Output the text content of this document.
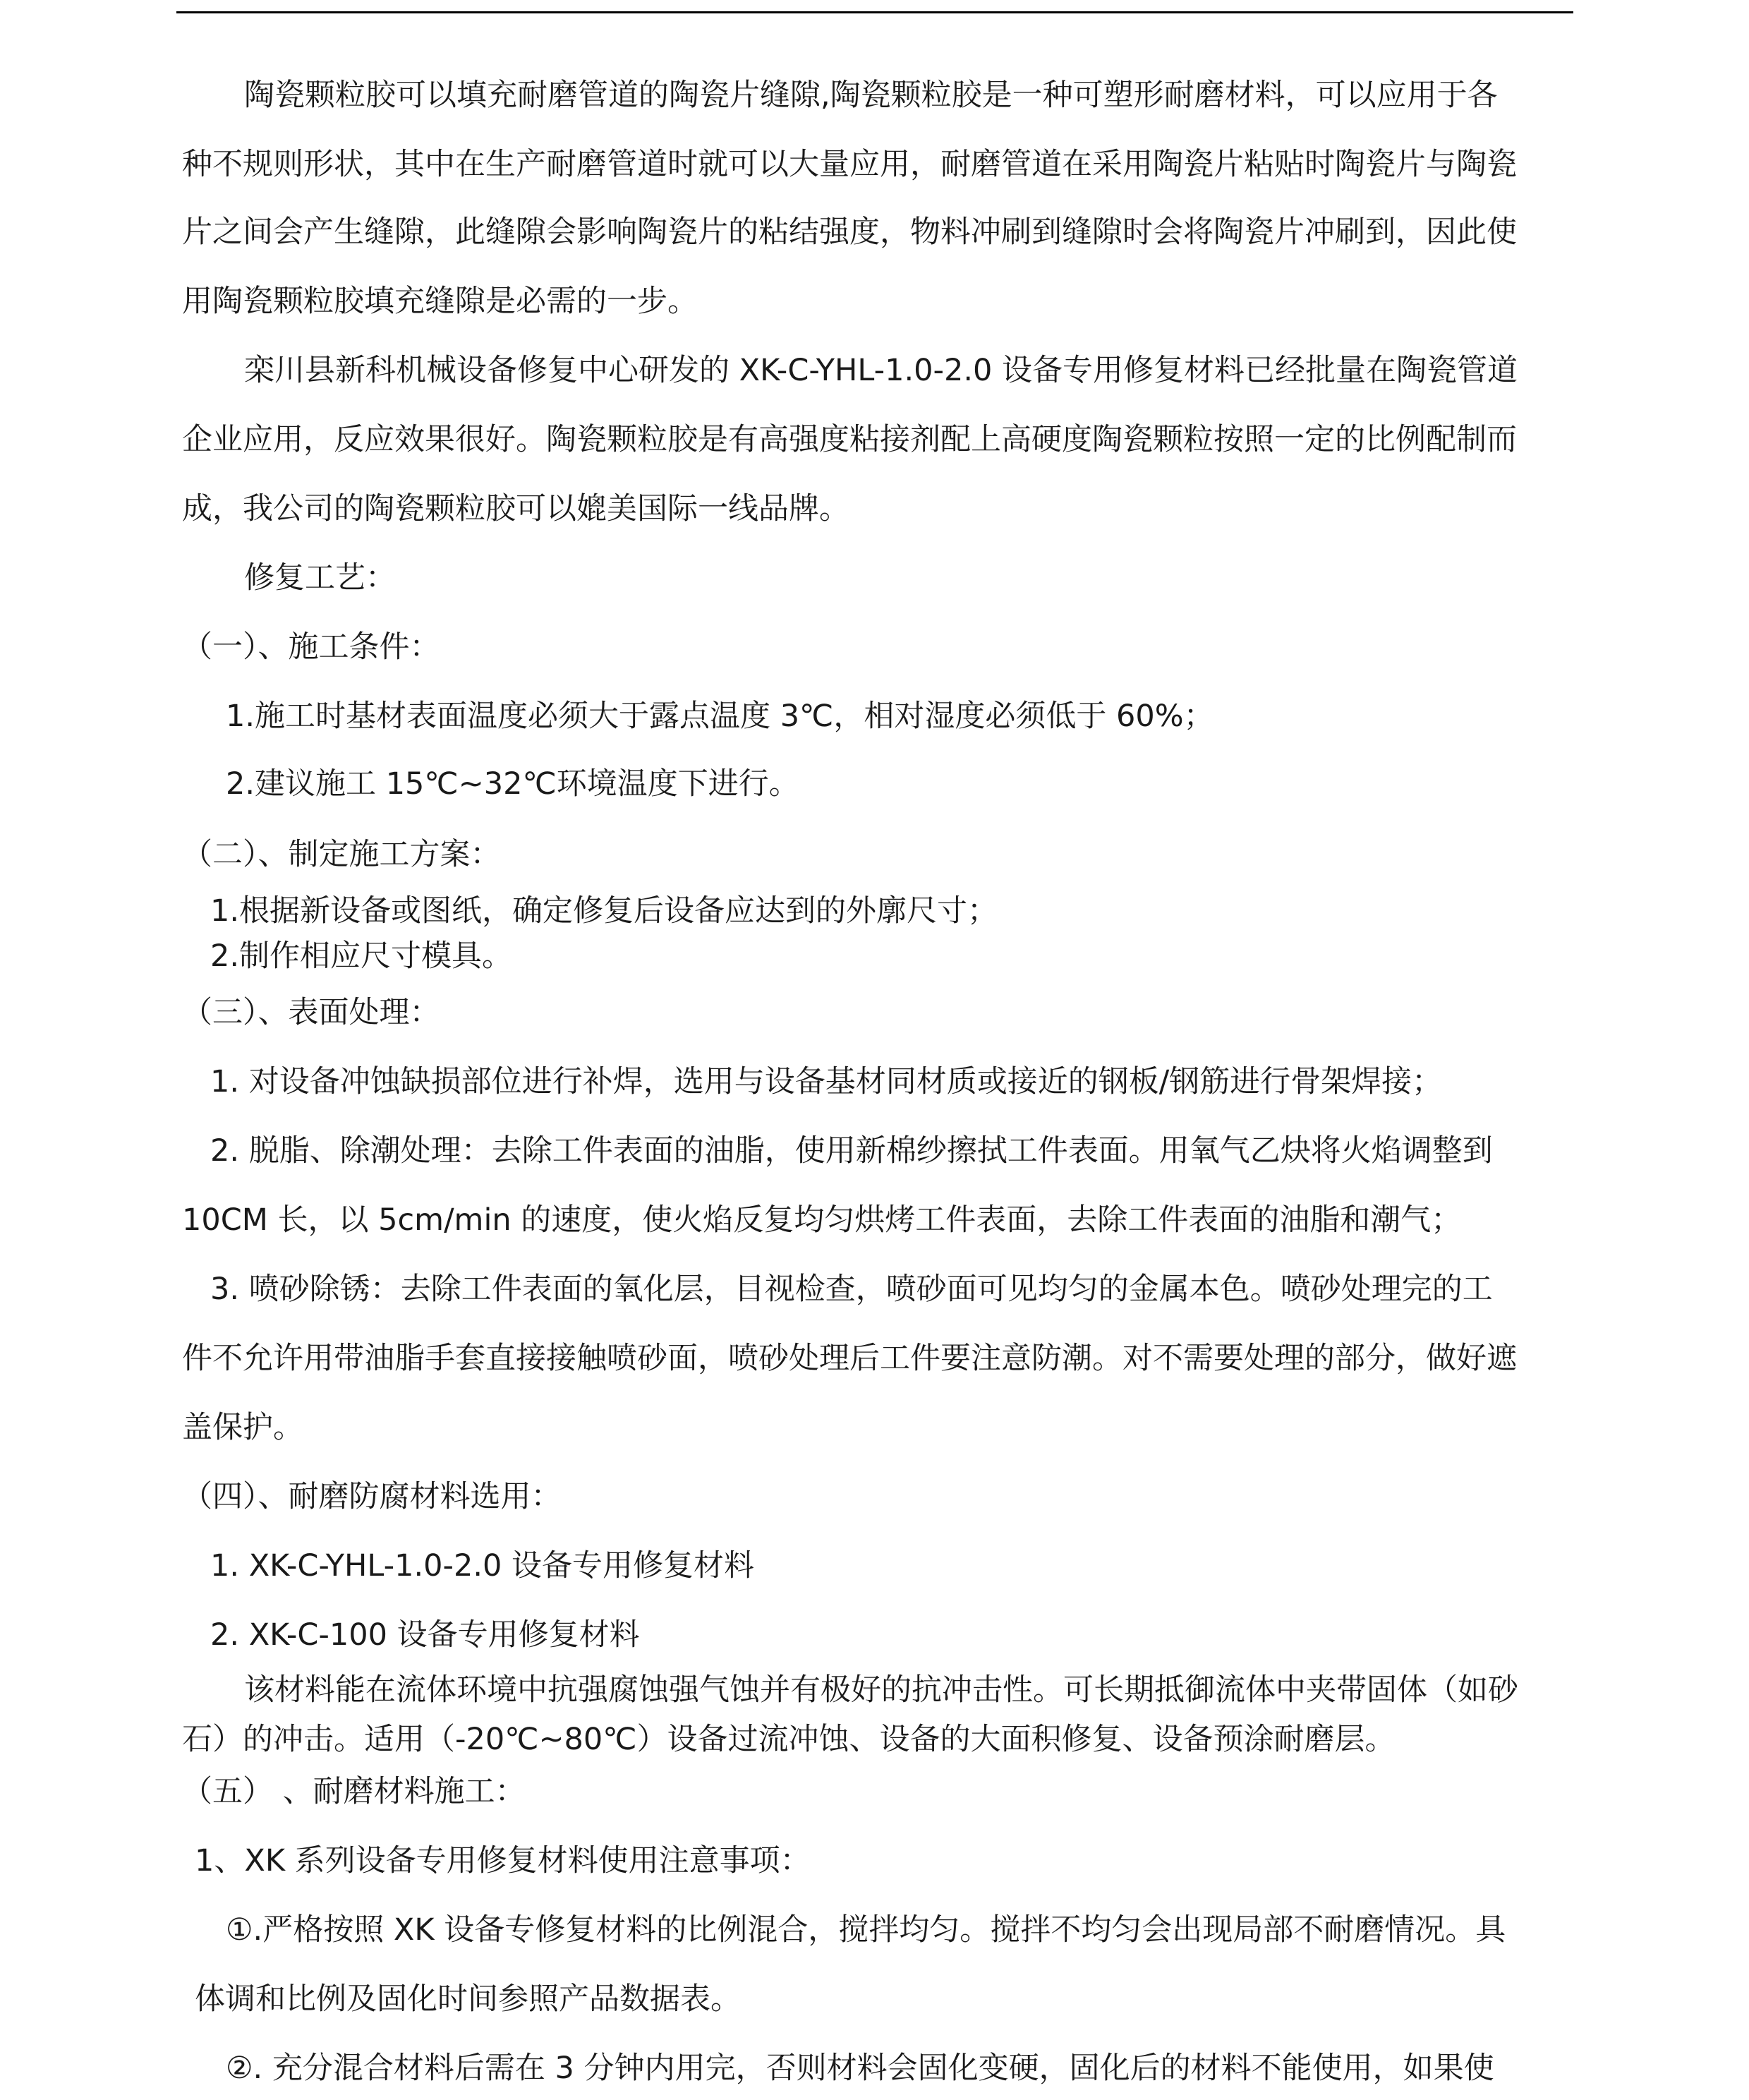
陶瓷颗粒胶可以填充耐磨管道的陶瓷片缝隙,陶瓷颗粒胶是一种可塑形耐磨材料，可以应用于各
种不规则形状，其中在生产耐磨管道时就可以大量应用，耐磨管道在采用陶瓷片粘贴时陶瓷片与陶瓷
片之间会产生缝隙，此缝隙会影响陶瓷片的粘结强度，物料冲刷到缝隙时会将陶瓷片冲刷到，因此使
用陶瓷颗粒胶填充缝隙是必需的一步。
栾川县新科机械设备修复中心研发的 XK-C-YHL-1.0-2.0 设备专用修复材料已经批量在陶瓷管道
企业应用，反应效果很好。陶瓷颗粒胶是有高强度粘接剂配上高硬度陶瓷颗粒按照一定的比例配制而
成，我公司的陶瓷颗粒胶可以媲美国际一线品牌。
修复工艺：
（一）、施工条件：
1.施工时基材表面温度必须大于露点温度 3℃，相对湿度必须低于 60%；
2.建议施工 15℃~32℃环境温度下进行。
（二）、制定施工方案：
1.根据新设备或图纸，确定修复后设备应达到的外廓尺寸；
2.制作相应尺寸模具。
（三）、表面处理：
1. 对设备冲蚀缺损部位进行补焊，选用与设备基材同材质或接近的钢板/钢筋进行骨架焊接；
2. 脱脂、除潮处理：去除工件表面的油脂，使用新棉纱擦拭工件表面。用氧气乙炔将火焰调整到
10CM 长，以 5cm/min 的速度，使火焰反复均匀烘烤工件表面，去除工件表面的油脂和潮气；
3. 喷砂除锈：去除工件表面的氧化层，目视检查，喷砂面可见均匀的金属本色。喷砂处理完的工
件不允许用带油脂手套直接接触喷砂面，喷砂处理后工件要注意防潮。对不需要处理的部分，做好遮
盖保护。
（四）、耐磨防腐材料选用：
1. XK-C-YHL-1.0-2.0 设备专用修复材料
2. XK-C-100 设备专用修复材料
该材料能在流体环境中抗强腐蚀强气蚀并有极好的抗冲击性。可长期抵御流体中夹带固体（如砂
石）的冲击。适用（-20℃~80℃）设备过流冲蚀、设备的大面积修复、设备预涂耐磨层。
（五） 、耐磨材料施工：
1、XK 系列设备专用修复材料使用注意事项：
①.严格按照 XK 设备专修复材料的比例混合，搅拌均匀。搅拌不均匀会出现局部不耐磨情况。具
体调和比例及固化时间参照产品数据表。
②. 充分混合材料后需在 3 分钟内用完，否则材料会固化变硬，固化后的材料不能使用，如果使
